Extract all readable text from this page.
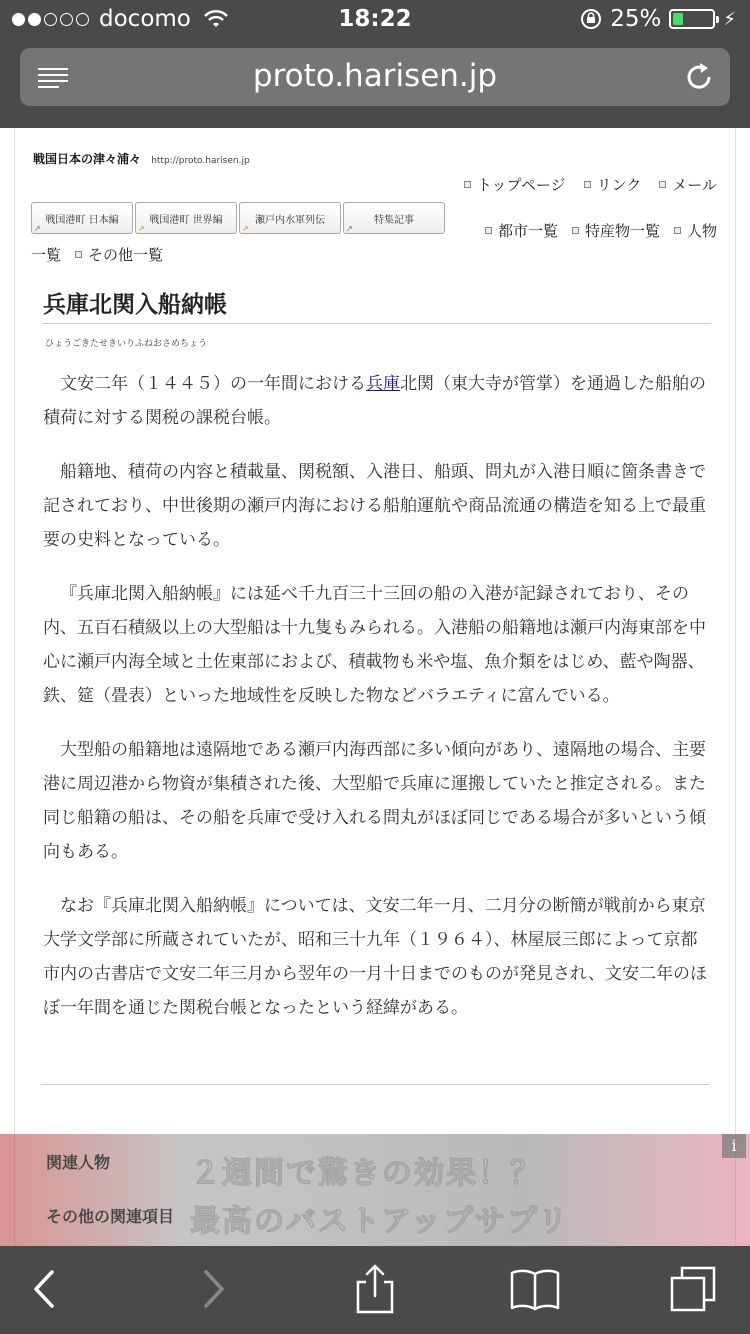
docomo	18:22	25%	⚡
proto.harisen.jp
戦国日本の津々浦々 http://proto.harisen.jp
トップページ リンク メール
戦国港町 日本編 ↗	戦国港町 世界編 ↗	瀬戸内水軍列伝 ↗	特集記事 ↗
都市一覧 特産物一覧 人物
一覧 その他一覧
兵庫北関入船納帳
ひょうごきたせきいりふねおさめちょう

文安二年（１４４５）の一年間における兵庫北関（東大寺が管掌）を通過した船舶の積荷に対する関税の課税台帳。

船籍地、積荷の内容と積載量、関税額、入港日、船頭、問丸が入港日順に箇条書きで記されており、中世後期の瀬戸内海における船舶運航や商品流通の構造を知る上で最重要の史料となっている。

『兵庫北関入船納帳』には延べ千九百三十三回の船の入港が記録されており、その内、五百石積級以上の大型船は十九隻もみられる。入港船の船籍地は瀬戸内海東部を中心に瀬戸内海全域と土佐東部におよび、積載物も米や塩、魚介類をはじめ、藍や陶器、鉄、筵（畳表）といった地域性を反映した物などバラエティに富んでいる。

大型船の船籍地は遠隔地である瀬戸内海西部に多い傾向があり、遠隔地の場合、主要港に周辺港から物資が集積された後、大型船で兵庫に運搬していたと推定される。また同じ船籍の船は、その船を兵庫で受け入れる問丸がほぼ同じである場合が多いという傾向もある。

なお『兵庫北関入船納帳』については、文安二年一月、二月分の断簡が戦前から東京大学文学部に所蔵されていたが、昭和三十九年（１９６４）、林屋辰三郎によって京都市内の古書店で文安二年三月から翌年の一月十日までのものが発見され、文安二年のほぼ一年間を通じた関税台帳となったという経緯がある。

関連人物
その他の関連項目
２週間で驚きの効果！？
最高のバストアップサプリ
i
